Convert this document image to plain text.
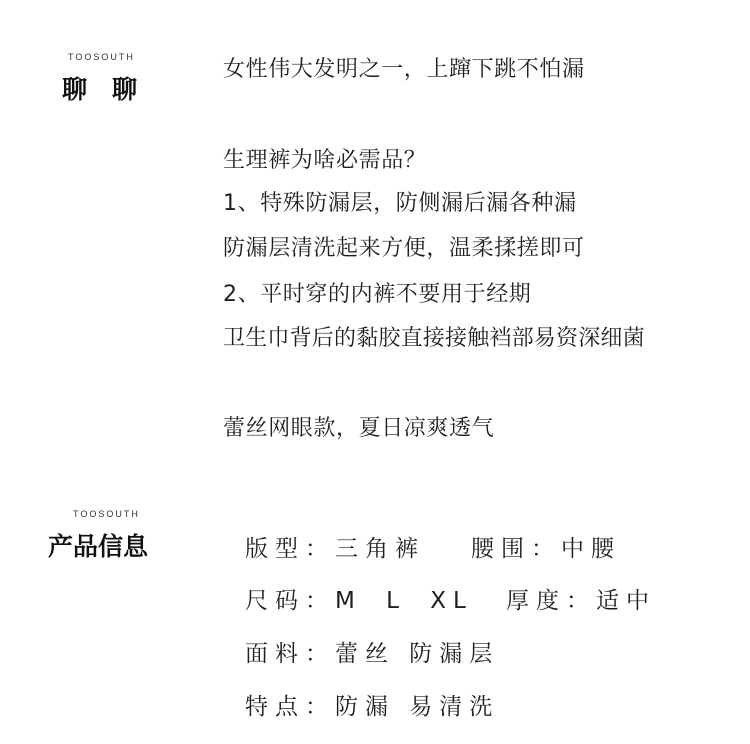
TOOSOUTH
聊　聊
女性伟大发明之一，上蹿下跳不怕漏
生理裤为啥必需品？
1、特殊防漏层，防侧漏后漏各种漏
防漏层清洗起来方便，温柔揉搓即可
2、平时穿的内裤不要用于经期
卫生巾背后的黏胶直接接触裆部易资深细菌
蕾丝网眼款，夏日凉爽透气
TOOSOUTH
产品信息	版型：三角裤 腰围：中腰
尺码：M L XL 厚度：适中
面料：蕾丝 防漏层
特点：防漏 易清洗
